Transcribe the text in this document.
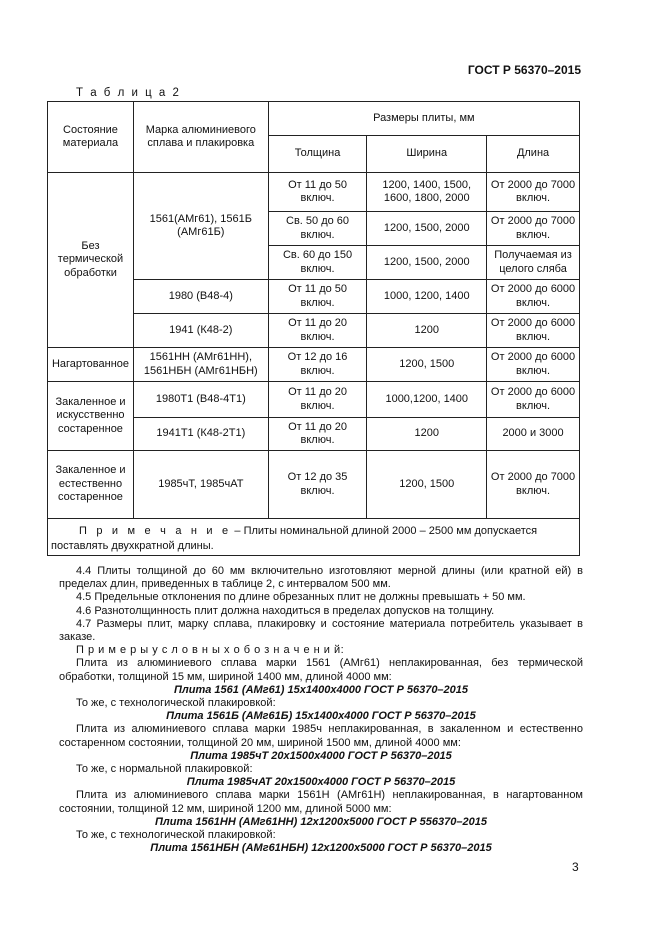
ГОСТ Р 56370–2015
Т а б л и ц а 2
Состояние материала	Марка алюминиевого сплава и плакировка	Размеры плиты, мм		
		Толщина	Ширина	Длина
Без термической обработки	1561(АМг61), 1561Б (АМг61Б)	От 11 до 50 включ.	1200, 1400, 1500, 1600, 1800, 2000	От 2000 до 7000 включ.
		Св. 50 до 60 включ.	1200, 1500, 2000	От 2000 до 7000 включ.
		Св. 60 до 150 включ.	1200, 1500, 2000	Получаемая из целого сляба
	1980 (В48-4)	От 11 до 50 включ.	1000, 1200, 1400	От 2000 до 6000 включ.
	1941 (К48-2)	От 11 до 20 включ.	1200	От 2000 до 6000 включ.
Нагартованное	1561НН (АМг61НН), 1561НБН (АМг61НБН)	От 12 до 16 включ.	1200, 1500	От 2000 до 6000 включ.
Закаленное и искусственно состаренное	1980Т1 (В48-4Т1)	От 11 до 20 включ.	1000,1200, 1400	От 2000 до 6000 включ.
	1941Т1 (К48-2Т1)	От 11 до 20 включ.	1200	2000 и 3000
Закаленное и естественно состаренное	1985чТ, 1985чАТ	От 12 до 35 включ.	1200, 1500	От 2000 до 7000 включ.
П р и м е ч а н и е – Плиты номинальной длиной 2000 – 2500 мм допускается поставлять двухкратной длины.				

4.4 Плиты толщиной до 60 мм включительно изготовляют мерной длины (или кратной ей) в пределах длин, приведенных в таблице 2, с интервалом 500 мм.

4.5 Предельные отклонения по длине обрезанных плит не должны превышать + 50 мм.

4.6 Разнотолщинность плит должна находиться в пределах допусков на толщину.

4.7 Размеры плит, марку сплава, плакировку и состояние материала потребитель указывает в заказе.

П р и м е р ы у с л о в н ы х о б о з н а ч е н и й:

Плита из алюминиевого сплава марки 1561 (АМг61) неплакированная, без термической обработки, толщиной 15 мм, шириной 1400 мм, длиной 4000 мм:

Плита 1561 (АМг61) 15х1400х4000 ГОСТ Р 56370–2015

То же, с технологической плакировкой:

Плита 1561Б (АМг61Б) 15х1400х4000 ГОСТ Р 56370–2015

Плита из алюминиевого сплава марки 1985ч неплакированная, в закаленном и естественно состаренном состоянии, толщиной 20 мм, шириной 1500 мм, длиной 4000 мм:

Плита 1985чТ 20х1500х4000 ГОСТ Р 56370–2015

То же, с нормальной плакировкой:

Плита 1985чАТ 20х1500х4000 ГОСТ Р 56370–2015

Плита из алюминиевого сплава марки 1561Н (АМг61Н) неплакированная, в нагартованном состоянии, толщиной 12 мм, шириной 1200 мм, длиной 5000 мм:

Плита 1561НН (АМг61НН) 12х1200х5000 ГОСТ Р 556370–2015

То же, с технологической плакировкой:

Плита 1561НБН (АМг61НБН) 12х1200х5000 ГОСТ Р 56370–2015

3
